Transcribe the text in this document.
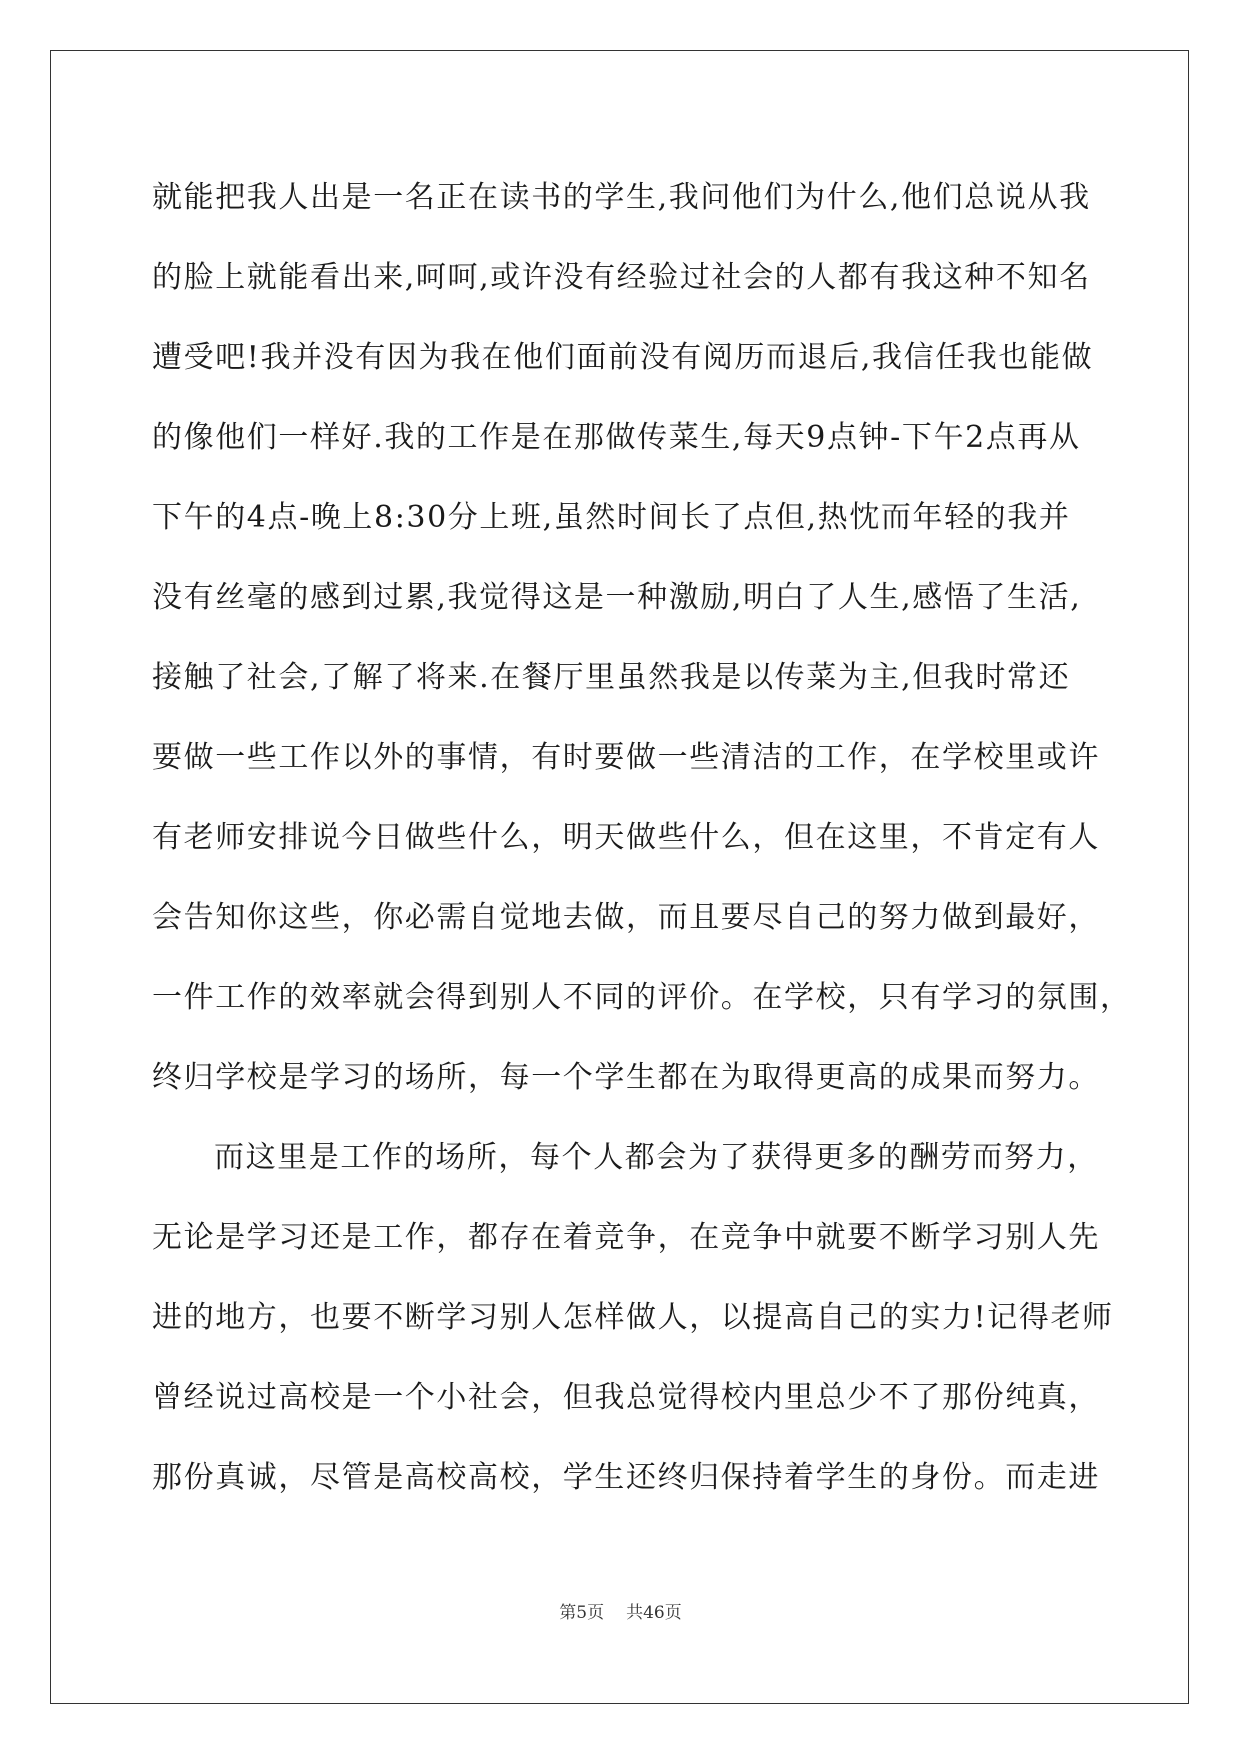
就能把我人出是一名正在读书的学生,我问他们为什么,他们总说从我
的脸上就能看出来,呵呵,或许没有经验过社会的人都有我这种不知名
遭受吧!我并没有因为我在他们面前没有阅历而退后,我信任我也能做
的像他们一样好.我的工作是在那做传菜生,每天9点钟-下午2点再从
下午的4点-晚上8:30分上班,虽然时间长了点但,热忱而年轻的我并
没有丝毫的感到过累,我觉得这是一种激励,明白了人生,感悟了生活,
接触了社会,了解了将来.在餐厅里虽然我是以传菜为主,但我时常还
要做一些工作以外的事情，有时要做一些清洁的工作，在学校里或许
有老师安排说今日做些什么，明天做些什么，但在这里，不肯定有人
会告知你这些，你必需自觉地去做，而且要尽自己的努力做到最好，
一件工作的效率就会得到别人不同的评价。在学校，只有学习的氛围，
终归学校是学习的场所，每一个学生都在为取得更高的成果而努力。
而这里是工作的场所，每个人都会为了获得更多的酬劳而努力，
无论是学习还是工作，都存在着竞争，在竞争中就要不断学习别人先
进的地方，也要不断学习别人怎样做人，以提高自己的实力!记得老师
曾经说过高校是一个小社会，但我总觉得校内里总少不了那份纯真，
那份真诚，尽管是高校高校，学生还终归保持着学生的身份。而走进
第5页 共46页
